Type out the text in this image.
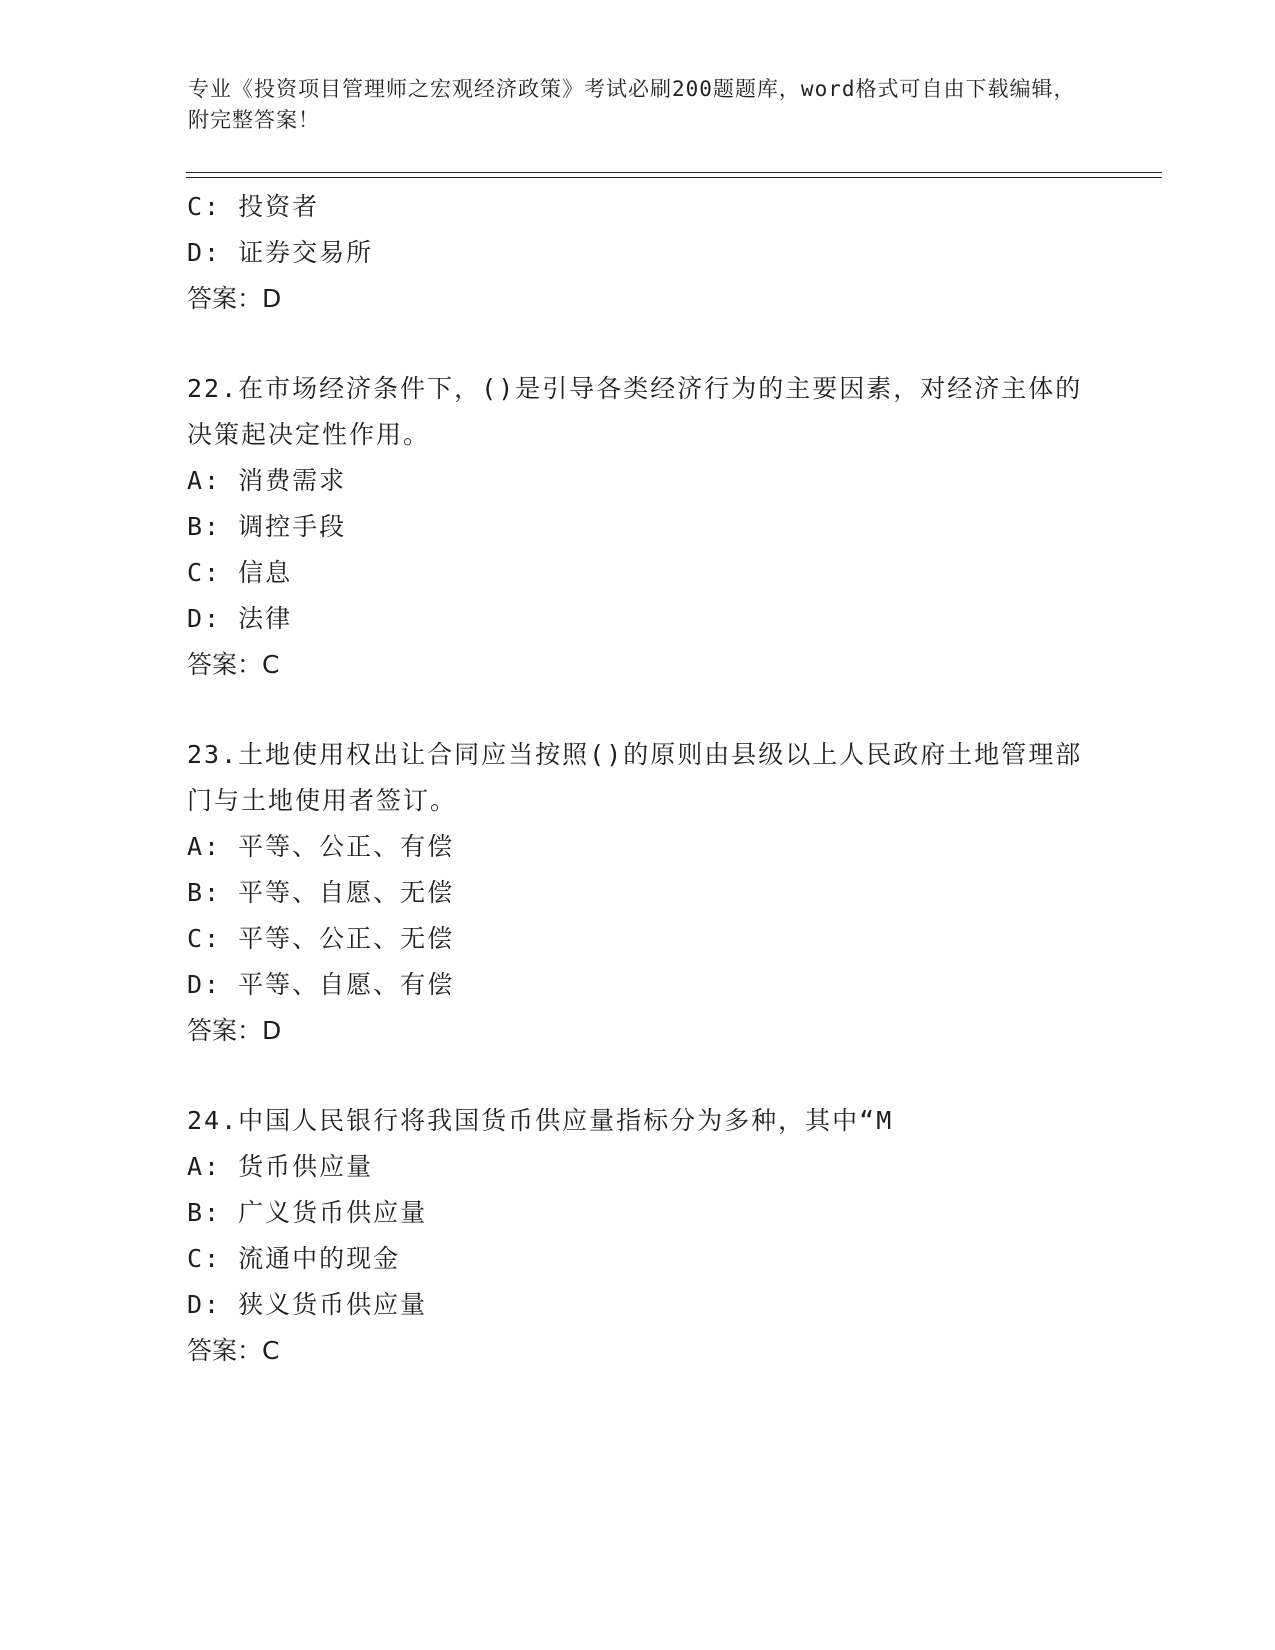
专业《投资项目管理师之宏观经济政策》考试必刷200题题库，word格式可自由下载编辑，附完整答案！
C: 投资者
D: 证券交易所
答案：D

22.在市场经济条件下，()是引导各类经济行为的主要因素，对经济主体的决策起决定性作用。

A: 消费需求
B: 调控手段
C: 信息
D: 法律
答案：C

23.土地使用权出让合同应当按照()的原则由县级以上人民政府土地管理部门与土地使用者签订。

A: 平等、公正、有偿
B: 平等、自愿、无偿
C: 平等、公正、无偿
D: 平等、自愿、有偿
答案：D

24.中国人民银行将我国货币供应量指标分为多种，其中“M

A: 货币供应量
B: 广义货币供应量
C: 流通中的现金
D: 狭义货币供应量
答案：C
